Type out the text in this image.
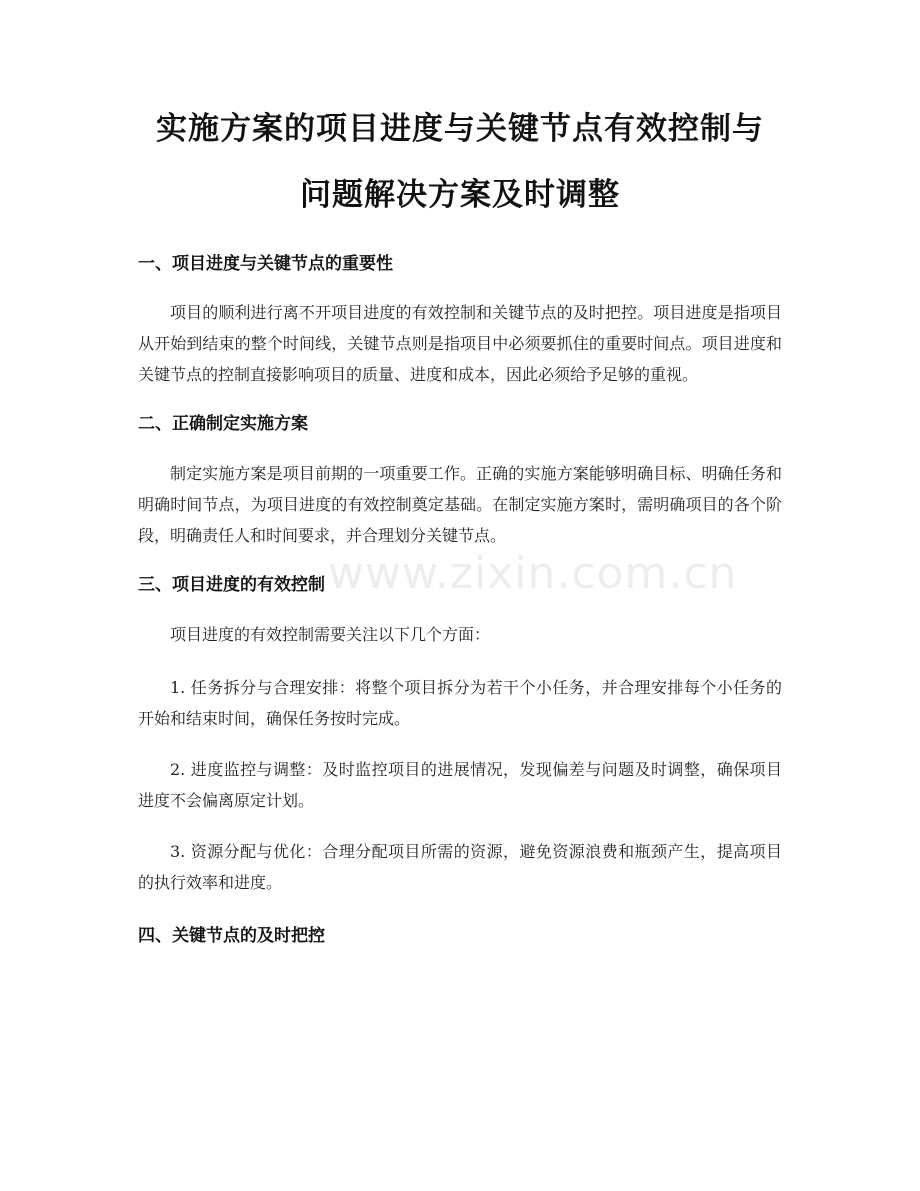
实施方案的项目进度与关键节点有效控制与
问题解决方案及时调整
一、项目进度与关键节点的重要性

项目的顺利进行离不开项目进度的有效控制和关键节点的及时把控。项目进度是指项目从开始到结束的整个时间线，关键节点则是指项目中必须要抓住的重要时间点。项目进度和关键节点的控制直接影响项目的质量、进度和成本，因此必须给予足够的重视。

二、正确制定实施方案

制定实施方案是项目前期的一项重要工作。正确的实施方案能够明确目标、明确任务和明确时间节点，为项目进度的有效控制奠定基础。在制定实施方案时，需明确项目的各个阶段，明确责任人和时间要求，并合理划分关键节点。

三、项目进度的有效控制

项目进度的有效控制需要关注以下几个方面：

1. 任务拆分与合理安排：将整个项目拆分为若干个小任务，并合理安排每个小任务的开始和结束时间，确保任务按时完成。

2. 进度监控与调整：及时监控项目的进展情况，发现偏差与问题及时调整，确保项目进度不会偏离原定计划。

3. 资源分配与优化：合理分配项目所需的资源，避免资源浪费和瓶颈产生，提高项目的执行效率和进度。

四、关键节点的及时把控
www.zixin.com.cn
